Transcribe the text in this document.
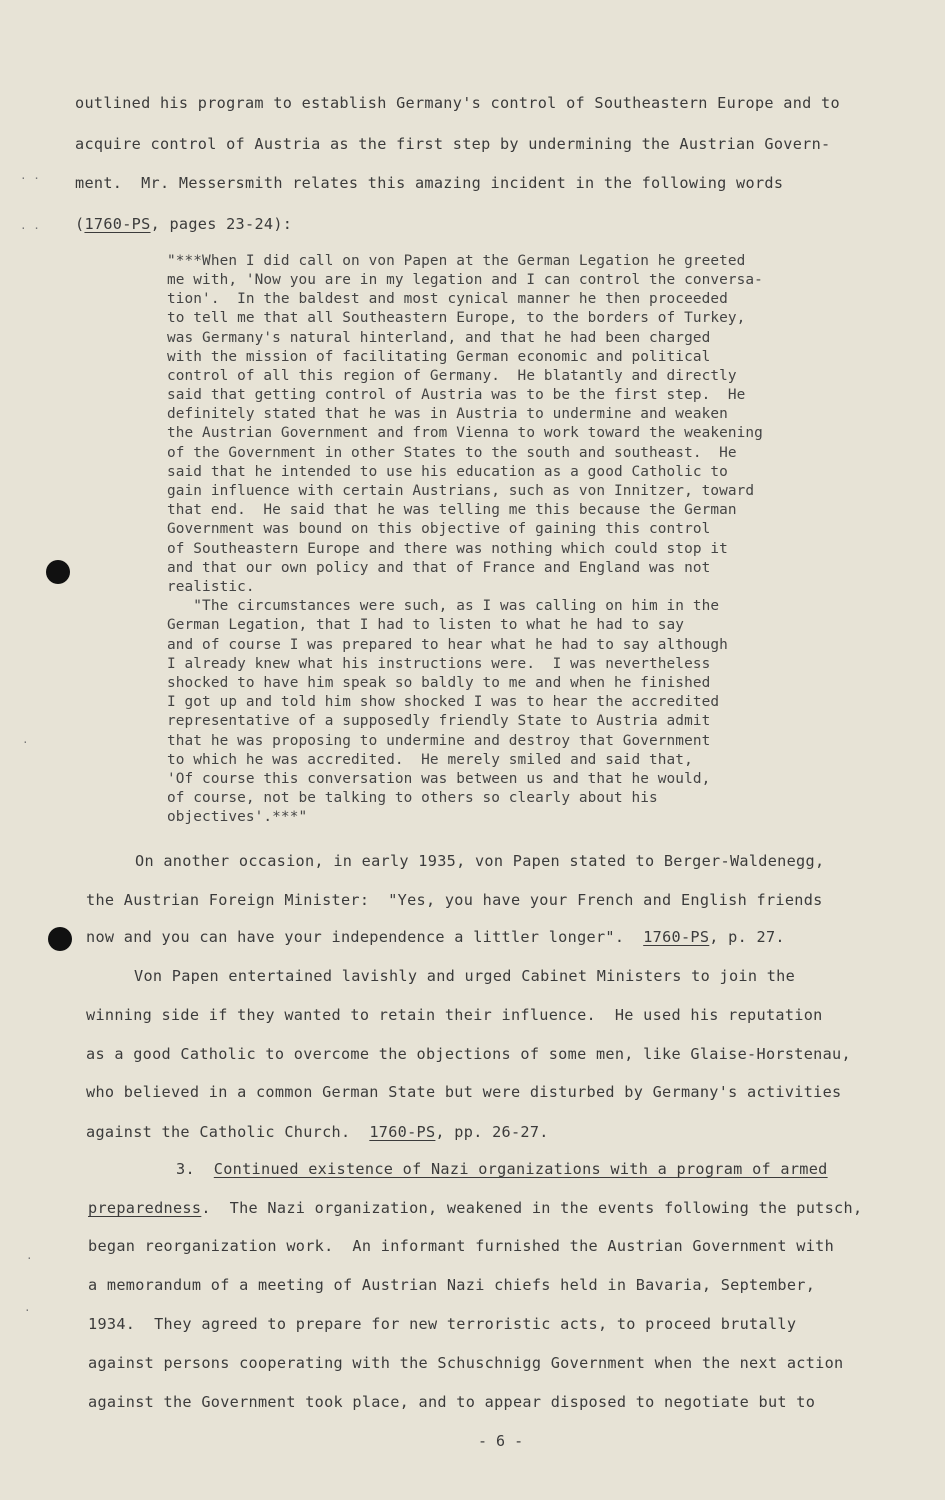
· ·
· ·
·
·
·
outlined his program to establish Germany's control of Southeastern Europe and to
acquire control of Austria as the first step by undermining the Austrian Govern-
ment.  Mr. Messersmith relates this amazing incident in the following words
(1760-PS, pages 23-24):
"***When I did call on von Papen at the German Legation he greeted
me with, 'Now you are in my legation and I can control the conversa-
tion'.  In the baldest and most cynical manner he then proceeded
to tell me that all Southeastern Europe, to the borders of Turkey,
was Germany's natural hinterland, and that he had been charged
with the mission of facilitating German economic and political
control of all this region of Germany.  He blatantly and directly
said that getting control of Austria was to be the first step.  He
definitely stated that he was in Austria to undermine and weaken
the Austrian Government and from Vienna to work toward the weakening
of the Government in other States to the south and southeast.  He
said that he intended to use his education as a good Catholic to
gain influence with certain Austrians, such as von Innitzer, toward
that end.  He said that he was telling me this because the German
Government was bound on this objective of gaining this control
of Southeastern Europe and there was nothing which could stop it
and that our own policy and that of France and England was not
realistic.
"The circumstances were such, as I was calling on him in the
German Legation, that I had to listen to what he had to say
and of course I was prepared to hear what he had to say although
I already knew what his instructions were.  I was nevertheless
shocked to have him speak so baldly to me and when he finished
I got up and told him show shocked I was to hear the accredited
representative of a supposedly friendly State to Austria admit
that he was proposing to undermine and destroy that Government
to which he was accredited.  He merely smiled and said that,
'Of course this conversation was between us and that he would,
of course, not be talking to others so clearly about his
objectives'.***"
On another occasion, in early 1935, von Papen stated to Berger-Waldenegg,
the Austrian Foreign Minister:  "Yes, you have your French and English friends
now and you can have your independence a littler longer".  1760-PS, p. 27.
Von Papen entertained lavishly and urged Cabinet Ministers to join the
winning side if they wanted to retain their influence.  He used his reputation
as a good Catholic to overcome the objections of some men, like Glaise-Horstenau,
who believed in a common German State but were disturbed by Germany's activities
against the Catholic Church.  1760-PS, pp. 26-27.
3. Continued existence of Nazi organizations with a program of armed
preparedness.  The Nazi organization, weakened in the events following the putsch,
began reorganization work.  An informant furnished the Austrian Government with
a memorandum of a meeting of Austrian Nazi chiefs held in Bavaria, September,
1934.  They agreed to prepare for new terroristic acts, to proceed brutally
against persons cooperating with the Schuschnigg Government when the next action
against the Government took place, and to appear disposed to negotiate but to
- 6 -
